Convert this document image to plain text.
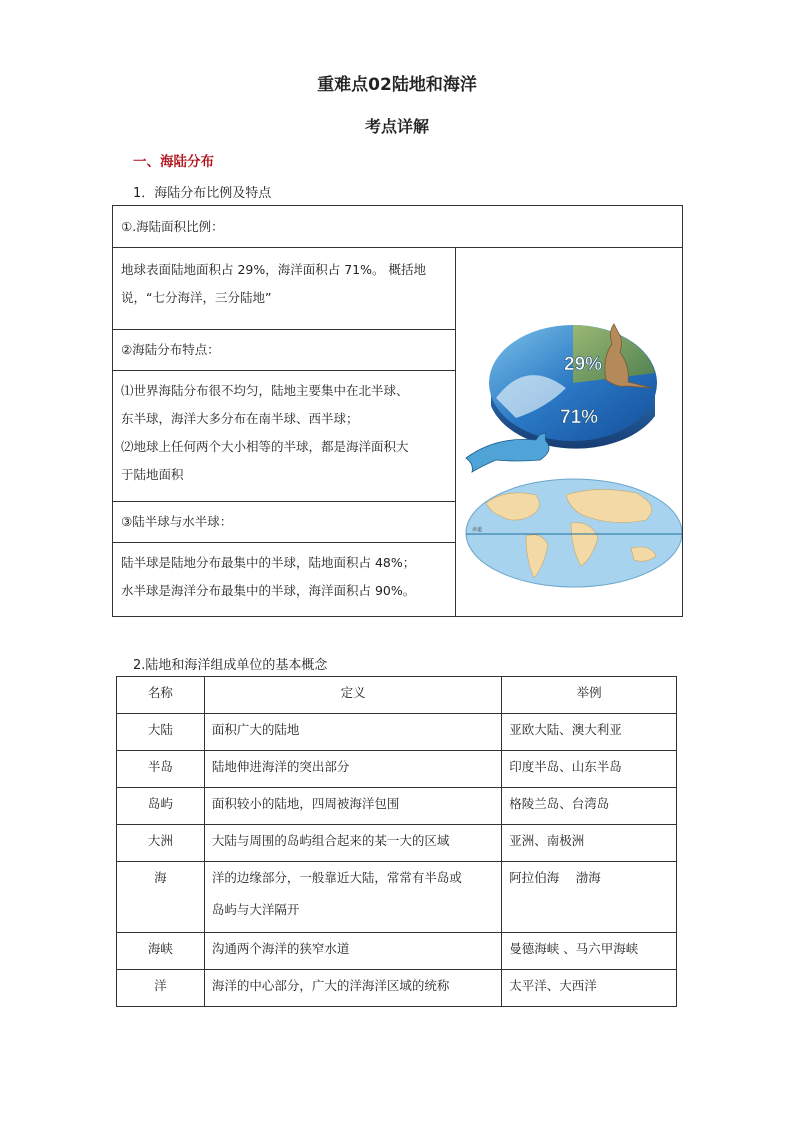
重难点02陆地和海洋
考点详解
一、海陆分布
1．海陆分布比例及特点
①.海陆面积比例：

地球表面陆地面积占 29%，海洋面积占 71%。 概括地
说，“七分海洋，三分陆地”

29%
71%
赤道

②海陆分布特点：

⑴世界海陆分布很不均匀，陆地主要集中在北半球、
东半球，海洋大多分布在南半球、西半球；
⑵地球上任何两个大小相等的半球，都是海洋面积大
于陆地面积

③陆半球与水半球：

陆半球是陆地分布最集中的半球，陆地面积占 48%；
水半球是海洋分布最集中的半球，海洋面积占 90%。
2.陆地和海洋组成单位的基本概念
名称	定义	举例
大陆	面积广大的陆地	亚欧大陆、澳大利亚
半岛	陆地伸进海洋的突出部分	印度半岛、山东半岛
岛屿	面积较小的陆地，四周被海洋包围	格陵兰岛、台湾岛
大洲	大陆与周围的岛屿组合起来的某一大的区域	亚洲、南极洲
海	洋的边缘部分，一般靠近大陆，常常有半岛或
岛屿与大洋隔开	阿拉伯海　 渤海
海峡	沟通两个海洋的狭窄水道	曼德海峡 、马六甲海峡
洋	海洋的中心部分，广大的洋海洋区域的统称	太平洋、大西洋
